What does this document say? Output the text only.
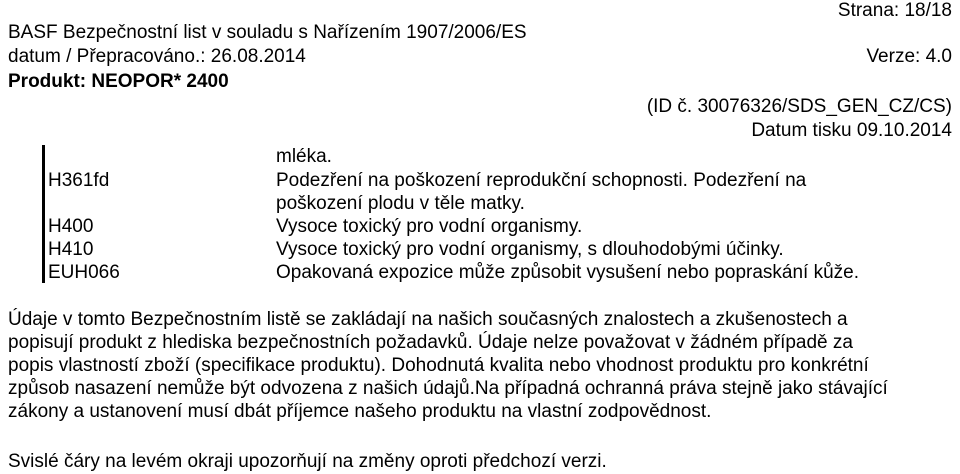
Strana: 18/18
BASF Bezpečnostní list v souladu s Nařízením 1907/2006/ES
datum / Přepracováno.: 26.08.2014	Verze: 4.0
Produkt: NEOPOR* 2400
(ID č. 30076326/SDS_GEN_CZ/CS)
Datum tisku 09.10.2014
mléka.
H361fd	Podezření na poškození reprodukční schopnosti. Podezření na
poškození plodu v těle matky.
H400	Vysoce toxický pro vodní organismy.
H410	Vysoce toxický pro vodní organismy, s dlouhodobými účinky.
EUH066	Opakovaná expozice může způsobit vysušení nebo popraskání kůže.
Údaje v tomto Bezpečnostním listě se zakládají na našich současných znalostech a zkušenostech a
popisují produkt z hlediska bezpečnostních požadavků. Údaje nelze považovat v žádném případě za
popis vlastností zboží (specifikace produktu). Dohodnutá kvalita nebo vhodnost produktu pro konkrétní
způsob nasazení nemůže být odvozena z našich údajů.Na případná ochranná práva stejně jako stávající
zákony a ustanovení musí dbát příjemce našeho produktu na vlastní zodpovědnost.
Svislé čáry na levém okraji upozorňují na změny oproti předchozí verzi.
